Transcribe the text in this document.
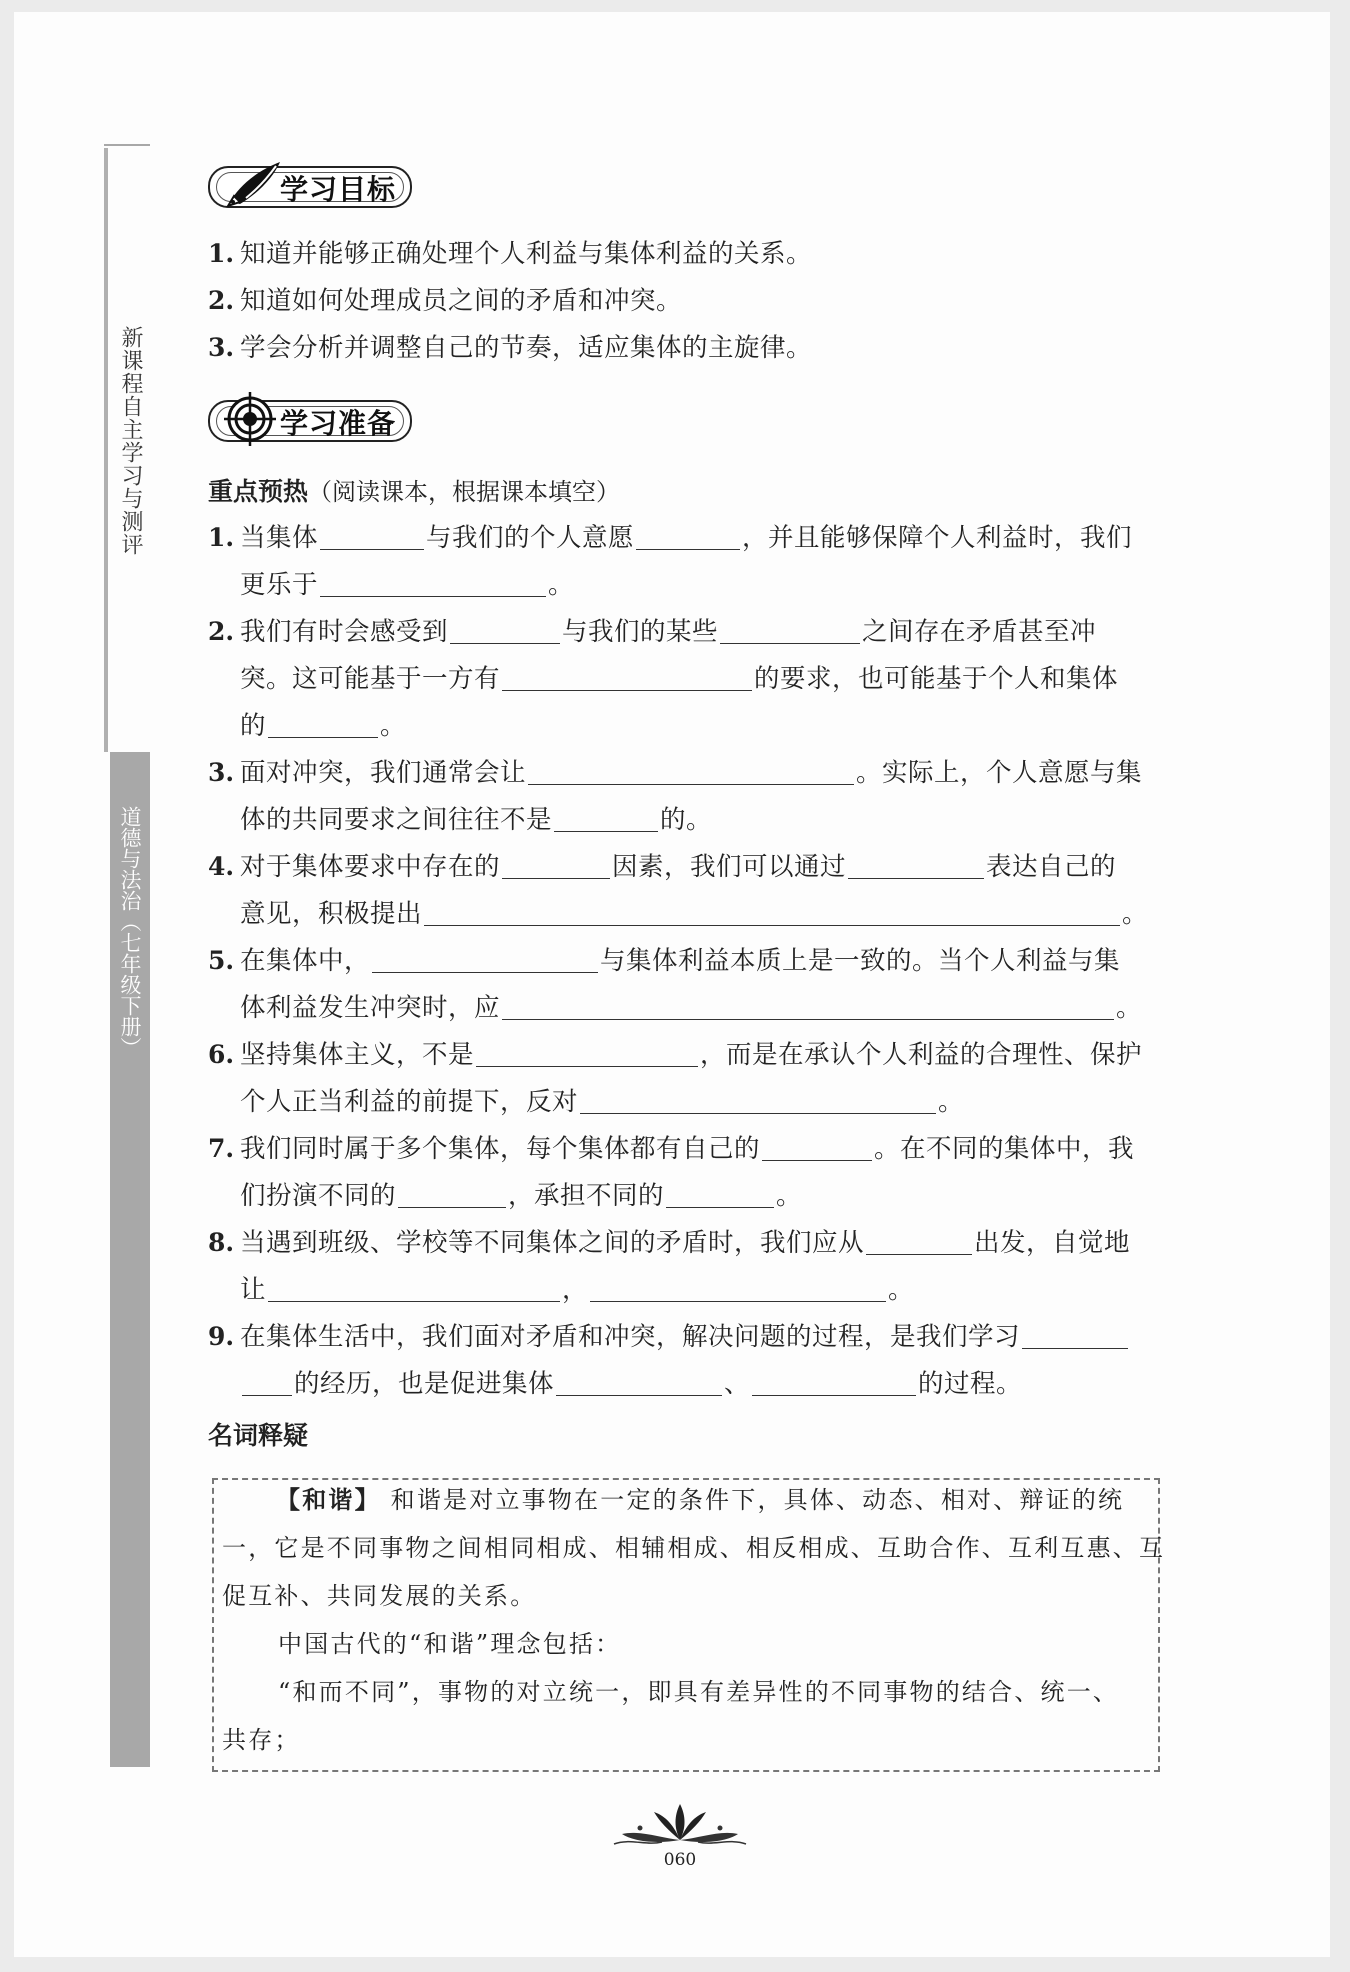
新课程自主学习与测评
道德与法治（七年级下册）
学习目标
1. 知道并能够正确处理个人利益与集体利益的关系。
2. 知道如何处理成员之间的矛盾和冲突。
3. 学会分析并调整自己的节奏，适应集体的主旋律。
学习准备
重点预热（阅读课本，根据课本填空）
1. 当集体	与我们的个人意愿	，并且能够保障个人利益时，我们
更乐于	。
2. 我们有时会感受到	与我们的某些	之间存在矛盾甚至冲
突。这可能基于一方有	的要求，也可能基于个人和集体
的	。
3. 面对冲突，我们通常会让	。实际上，个人意愿与集
体的共同要求之间往往不是	的。
4. 对于集体要求中存在的	因素，我们可以通过	表达自己的
意见，积极提出	。
5. 在集体中，	与集体利益本质上是一致的。当个人利益与集
体利益发生冲突时，应	。
6. 坚持集体主义，不是	，而是在承认个人利益的合理性、保护
个人正当利益的前提下，反对	。
7. 我们同时属于多个集体，每个集体都有自己的	。在不同的集体中，我
们扮演不同的	，承担不同的	。
8. 当遇到班级、学校等不同集体之间的矛盾时，我们应从	出发，自觉地
让	，	。
9. 在集体生活中，我们面对矛盾和冲突，解决问题的过程，是我们学习
的经历，也是促进集体	、	的过程。
名词释疑
【和谐】 和谐是对立事物在一定的条件下，具体、动态、相对、辩证的统
一，它是不同事物之间相同相成、相辅相成、相反相成、互助合作、互利互惠、互
促互补、共同发展的关系。
中国古代的“和谐”理念包括：
“和而不同”，事物的对立统一，即具有差异性的不同事物的结合、统一、
共存；
060
